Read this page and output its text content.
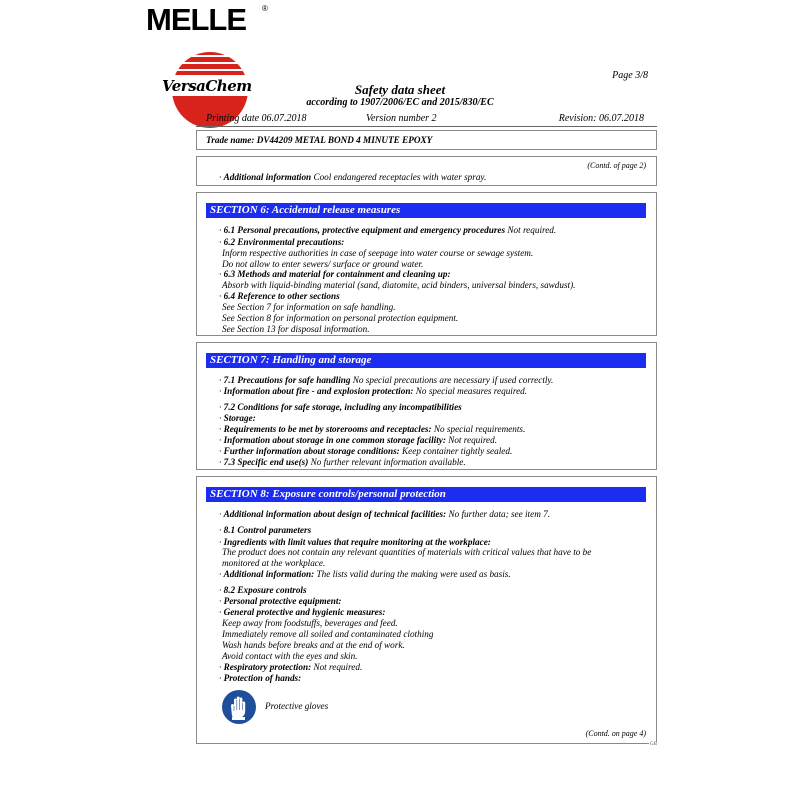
MELLE ®
VersaChem
Page 3/8
Safety data sheet
according to 1907/2006/EC and 2015/830/EC
Printing date 06.07.2018	Version number 2	Revision: 06.07.2018
Trade name: DV44209 METAL BOND 4 MINUTE EPOXY
(Contd. of page 2)
· Additional information Cool endangered receptacles with water spray.
SECTION 6: Accidental release measures
· 6.1 Personal precautions, protective equipment and emergency procedures Not required.
· 6.2 Environmental precautions:
Inform respective authorities in case of seepage into water course or sewage system.
Do not allow to enter sewers/ surface or ground water.
· 6.3 Methods and material for containment and cleaning up:
Absorb with liquid-binding material (sand, diatomite, acid binders, universal binders, sawdust).
· 6.4 Reference to other sections
See Section 7 for information on safe handling.
See Section 8 for information on personal protection equipment.
See Section 13 for disposal information.
SECTION 7: Handling and storage
· 7.1 Precautions for safe handling No special precautions are necessary if used correctly.
· Information about fire - and explosion protection: No special measures required.
· 7.2 Conditions for safe storage, including any incompatibilities
· Storage:
· Requirements to be met by storerooms and receptacles: No special requirements.
· Information about storage in one common storage facility: Not required.
· Further information about storage conditions: Keep container tightly sealed.
· 7.3 Specific end use(s) No further relevant information available.
SECTION 8: Exposure controls/personal protection
· Additional information about design of technical facilities: No further data; see item 7.
· 8.1 Control parameters
· Ingredients with limit values that require monitoring at the workplace:
The product does not contain any relevant quantities of materials with critical values that have to be
monitored at the workplace.
· Additional information: The lists valid during the making were used as basis.
· 8.2 Exposure controls
· Personal protective equipment:
· General protective and hygienic measures:
Keep away from foodstuffs, beverages and feed.
Immediately remove all soiled and contaminated clothing
Wash hands before breaks and at the end of work.
Avoid contact with the eyes and skin.
· Respiratory protection: Not required.
· Protection of hands:
Protective gloves
(Contd. on page 4)
GB
